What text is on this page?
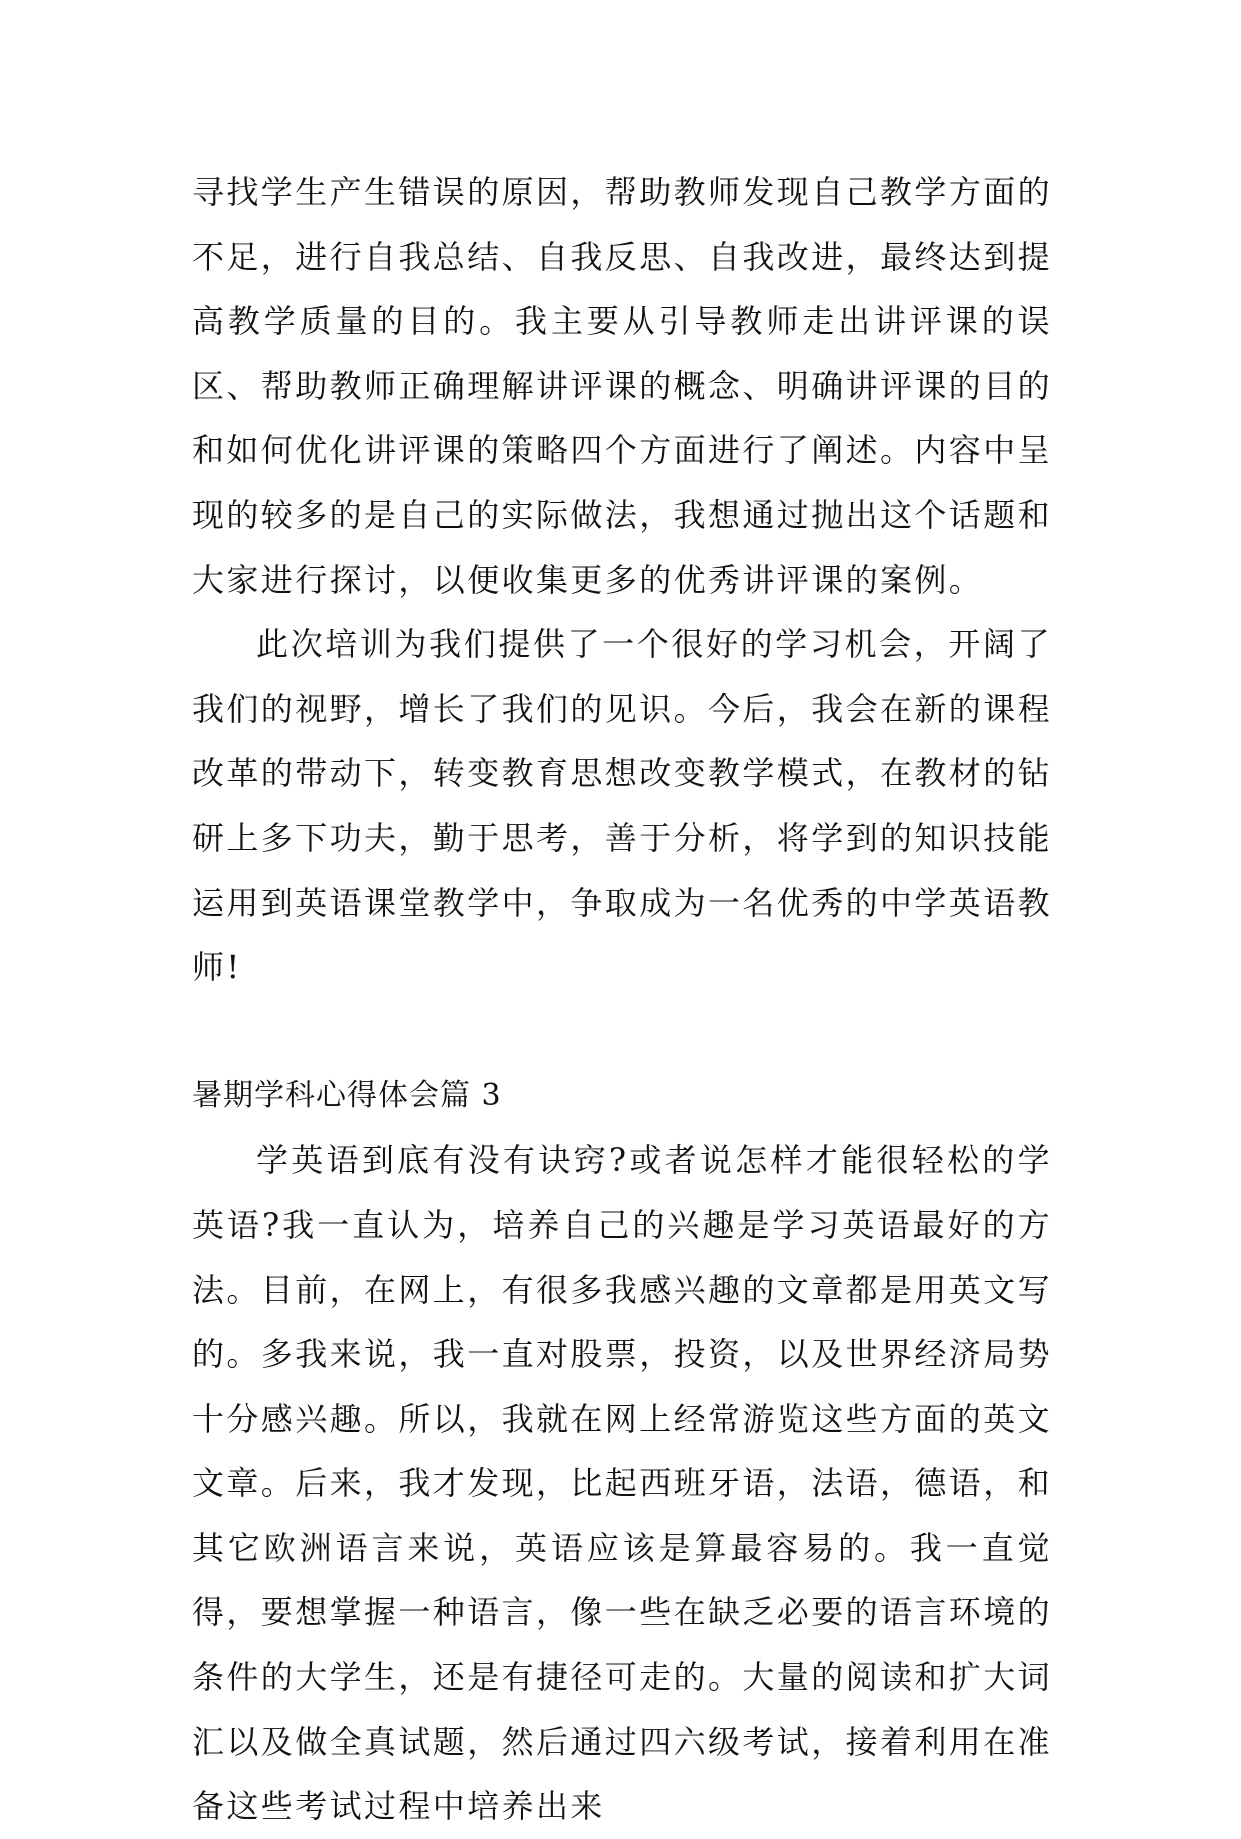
寻找学生产生错误的原因，帮助教师发现自己教学方面的不足，进行自我总结、自我反思、自我改进，最终达到提高教学质量的目的。我主要从引导教师走出讲评课的误区、帮助教师正确理解讲评课的概念、明确讲评课的目的和如何优化讲评课的策略四个方面进行了阐述。内容中呈现的较多的是自己的实际做法，我想通过抛出这个话题和大家进行探讨，以便收集更多的优秀讲评课的案例。

此次培训为我们提供了一个很好的学习机会，开阔了我们的视野，增长了我们的见识。今后，我会在新的课程改革的带动下，转变教育思想改变教学模式，在教材的钻研上多下功夫，勤于思考，善于分析，将学到的知识技能运用到英语课堂教学中，争取成为一名优秀的中学英语教师!

暑期学科心得体会篇 3

学英语到底有没有诀窍?或者说怎样才能很轻松的学英语?我一直认为，培养自己的兴趣是学习英语最好的方法。目前，在网上，有很多我感兴趣的文章都是用英文写的。多我来说，我一直对股票，投资，以及世界经济局势十分感兴趣。所以，我就在网上经常游览这些方面的英文文章。后来，我才发现，比起西班牙语，法语，德语，和其它欧洲语言来说，英语应该是算最容易的。我一直觉得，要想掌握一种语言，像一些在缺乏必要的语言环境的条件的大学生，还是有捷径可走的。大量的阅读和扩大词汇以及做全真试题，然后通过四六级考试，接着利用在准备这些考试过程中培养出来
